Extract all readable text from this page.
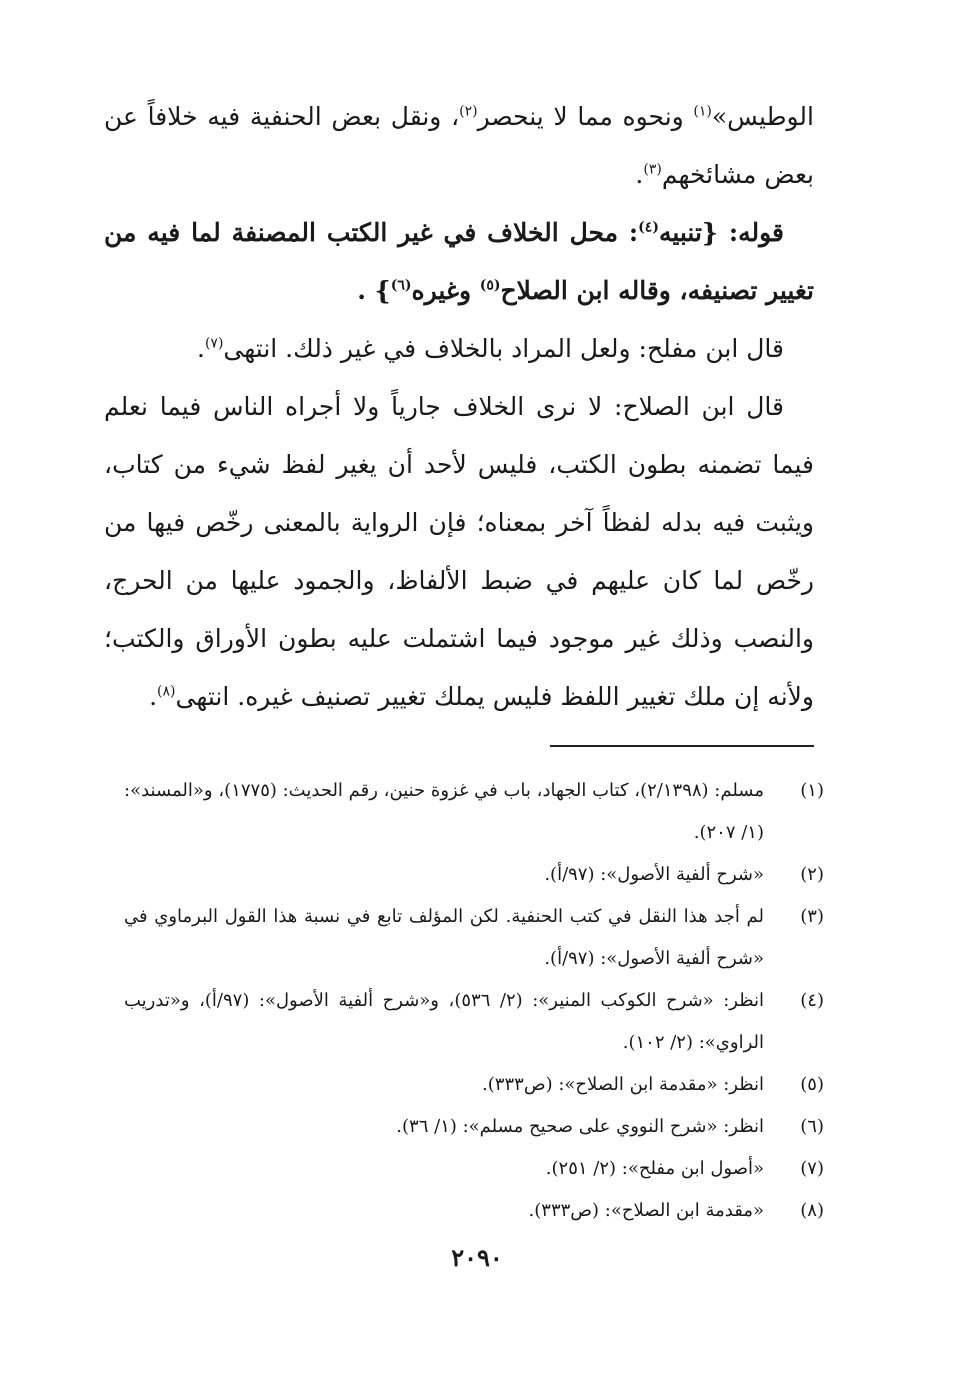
الوطيس»$^{(١)}$ ونحوه مما لا ينحصر$^{(٢)}$، ونقل بعض الحنفية فيه خلافاً عن بعض مشائخهم$^{(٣)}$.

قوله: {تنبيه$^{(٤)}$: محل الخلاف في غير الكتب المصنفة لما فيه من تغيير تصنيفه، وقاله ابن الصلاح$^{(٥)}$ وغيره$^{(٦)}$} .

قال ابن مفلح: ولعل المراد بالخلاف في غير ذلك. انتهى$^{(٧)}$.

قال ابن الصلاح: لا نرى الخلاف جارياً ولا أجراه الناس فيما نعلم فيما تضمنه بطون الكتب، فليس لأحد أن يغير لفظ شيء من كتاب، ويثبت فيه بدله لفظاً آخر بمعناه؛ فإن الرواية بالمعنى رخّص فيها من رخّص لما كان عليهم في ضبط الألفاظ، والجمود عليها من الحرج، والنصب وذلك غير موجود فيما اشتملت عليه بطون الأوراق والكتب؛ ولأنه إن ملك تغيير اللفظ فليس يملك تغيير تصنيف غيره. انتهى$^{(٨)}$.

(١)
مسلم: (٢/١٣٩٨)، كتاب الجهاد، باب في غزوة حنين، رقم الحديث: (١٧٧٥)، و«المسند»: (١/ ٢٠٧).
(٢)
«شرح ألفية الأصول»: (٩٧/أ).
(٣)
لم أجد هذا النقل في كتب الحنفية. لكن المؤلف تابع في نسبة هذا القول البرماوي في «شرح ألفية الأصول»: (٩٧/أ).
(٤)
انظر: «شرح الكوكب المنير»: (٢/ ٥٣٦)، و«شرح ألفية الأصول»: (٩٧/أ)، و«تدريب الراوي»: (٢/ ١٠٢).
(٥)
انظر: «مقدمة ابن الصلاح»: (ص٣٣٣).
(٦)
انظر: «شرح النووي على صحيح مسلم»: (١/ ٣٦).
(٧)
«أصول ابن مفلح»: (٢/ ٢٥١).
(٨)
«مقدمة ابن الصلاح»: (ص٣٣٣).
٢٠٩٠
